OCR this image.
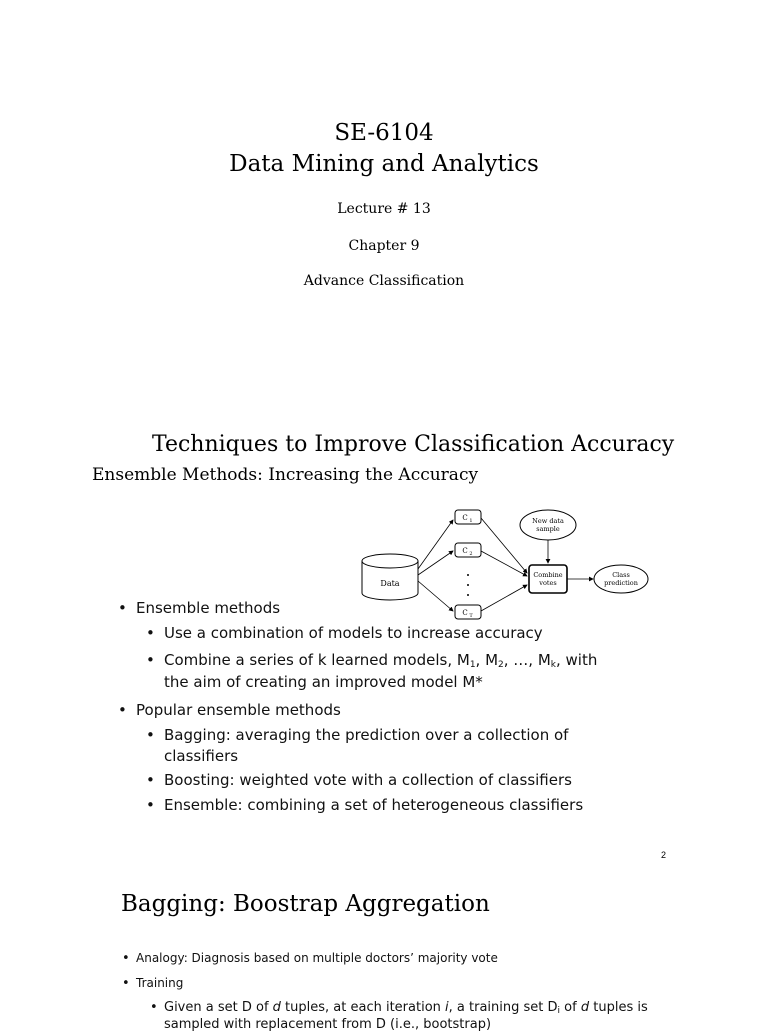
SE-6104
Data Mining and Analytics
Lecture # 13
Chapter 9
Advance Classification
Techniques to Improve Classification Accuracy
Ensemble Methods: Increasing the Accuracy
Data
C 1
C 2
C T
New data
sample
Combine
votes
Class
prediction
• Ensemble methods
• Use a combination of models to increase accuracy
• Combine a series of k learned models, $M_1$, $M_2$, …, $M_k$, with
the aim of creating an improved model M*
• Popular ensemble methods
• Bagging: averaging the prediction over a collection of
classifiers
• Boosting: weighted vote with a collection of classifiers
• Ensemble: combining a set of heterogeneous classifiers
2
Bagging: Boostrap Aggregation
• Analogy: Diagnosis based on multiple doctors’ majority vote
• Training
• Given a set D of d tuples, at each iteration i, a training set $D_i$ of d tuples is
sampled with replacement from D (i.e., bootstrap)
